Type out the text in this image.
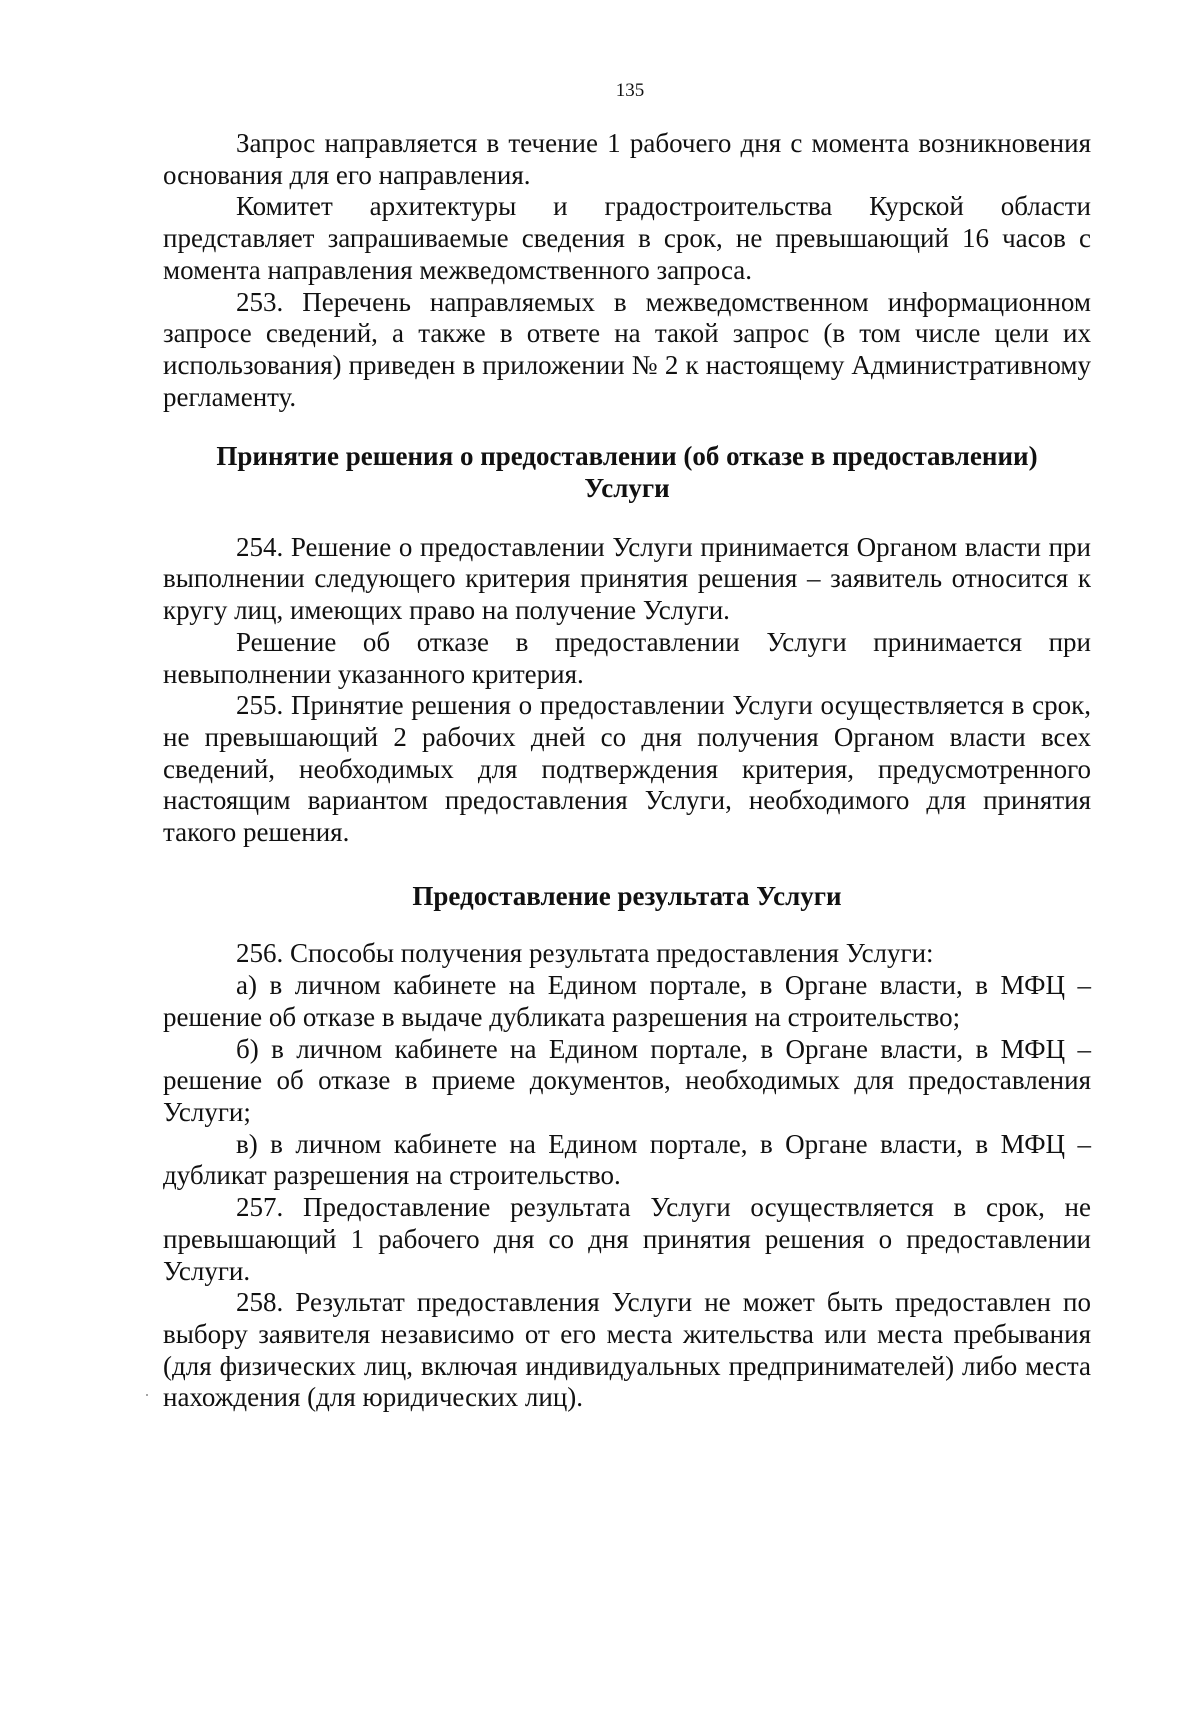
135

Запрос направляется в течение 1 рабочего дня с момента возникновения основания для его направления.

Комитет архитектуры и градостроительства Курской области представляет запрашиваемые сведения в срок, не превышающий 16 часов с момента направления межведомственного запроса.

253. Перечень направляемых в межведомственном информационном запросе сведений, а также в ответе на такой запрос (в том числе цели их использования) приведен в приложении № 2 к настоящему Административному регламенту.

Принятие решения о предоставлении (об отказе в предоставлении)

Услуги

254. Решение о предоставлении Услуги принимается Органом власти при выполнении следующего критерия принятия решения – заявитель относится к кругу лиц, имеющих право на получение Услуги.

Решение об отказе в предоставлении Услуги принимается при невыполнении указанного критерия.

255. Принятие решения о предоставлении Услуги осуществляется в срок, не превышающий 2 рабочих дней со дня получения Органом власти всех сведений, необходимых для подтверждения критерия, предусмотренного настоящим вариантом предоставления Услуги, необходимого для принятия такого решения.

Предоставление результата Услуги

256. Способы получения результата предоставления Услуги:

а) в личном кабинете на Едином портале, в Органе власти, в МФЦ – решение об отказе в выдаче дубликата разрешения на строительство;

б) в личном кабинете на Едином портале, в Органе власти, в МФЦ – решение об отказе в приеме документов, необходимых для предоставления Услуги;

в) в личном кабинете на Едином портале, в Органе власти, в МФЦ – дубликат разрешения на строительство.

257. Предоставление результата Услуги осуществляется в срок, не превышающий 1 рабочего дня со дня принятия решения о предоставлении Услуги.

258. Результат предоставления Услуги не может быть предоставлен по выбору заявителя независимо от его места жительства или места пребывания (для физических лиц, включая индивидуальных предпринимателей) либо места нахождения (для юридических лиц).
